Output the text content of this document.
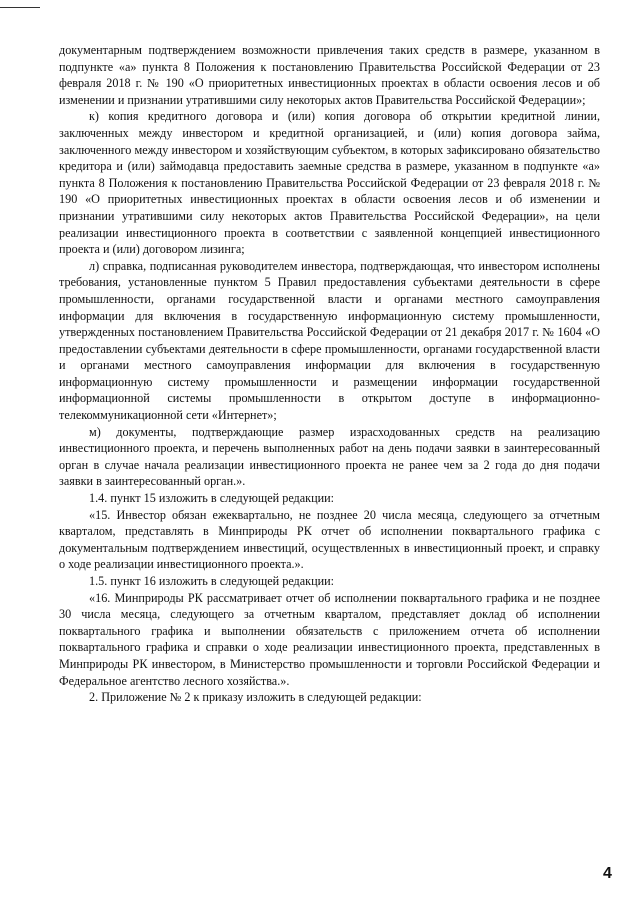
документарным подтверждением возможности привлечения таких средств в размере, указанном в подпункте «а» пункта 8 Положения к постановлению Правительства Российской Федерации от 23 февраля 2018 г. № 190 «О приоритетных инвестиционных проектах в области освоения лесов и об изменении и признании утратившими силу некоторых актов Правительства Российской Федерации»;

к) копия кредитного договора и (или) копия договора об открытии кредитной линии, заключенных между инвестором и кредитной организацией, и (или) копия договора займа, заключенного между инвестором и хозяйствующим субъектом, в которых зафиксировано обязательство кредитора и (или) займодавца предоставить заемные средства в размере, указанном в подпункте «а» пункта 8 Положения к постановлению Правительства Российской Федерации от 23 февраля 2018 г. № 190 «О приоритетных инвестиционных проектах в области освоения лесов и об изменении и признании утратившими силу некоторых актов Правительства Российской Федерации», на цели реализации инвестиционного проекта в соответствии с заявленной концепцией инвестиционного проекта и (или) договором лизинга;

л) справка, подписанная руководителем инвестора, подтверждающая, что инвестором исполнены требования, установленные пунктом 5 Правил предоставления субъектами деятельности в сфере промышленности, органами государственной власти и органами местного самоуправления информации для включения в государственную информационную систему промышленности, утвержденных постановлением Правительства Российской Федерации от 21 декабря 2017 г. № 1604 «О предоставлении субъектами деятельности в сфере промышленности, органами государственной власти и органами местного самоуправления информации для включения в государственную информационную систему промышленности и размещении информации государственной информационной системы промышленности в открытом доступе в информационно-телекоммуникационной сети «Интернет»;

м) документы, подтверждающие размер израсходованных средств на реализацию инвестиционного проекта, и перечень выполненных работ на день подачи заявки в заинтересованный орган в случае начала реализации инвестиционного проекта не ранее чем за 2 года до дня подачи заявки в заинтересованный орган.».

1.4. пункт 15 изложить в следующей редакции:

«15. Инвестор обязан ежеквартально, не позднее 20 числа месяца, следующего за отчетным кварталом, представлять в Минприроды РК отчет об исполнении поквартального графика с документальным подтверждением инвестиций, осуществленных в инвестиционный проект, и справку о ходе реализации инвестиционного проекта.».

1.5. пункт 16 изложить в следующей редакции:

«16. Минприроды РК рассматривает отчет об исполнении поквартального графика и не позднее 30 числа месяца, следующего за отчетным кварталом, представляет доклад об исполнении поквартального графика и выполнении обязательств с приложением отчета об исполнении поквартального графика и справки о ходе реализации инвестиционного проекта, представленных в Минприроды РК инвестором, в Министерство промышленности и торговли Российской Федерации и Федеральное агентство лесного хозяйства.».

2. Приложение № 2 к приказу изложить в следующей редакции:

4
